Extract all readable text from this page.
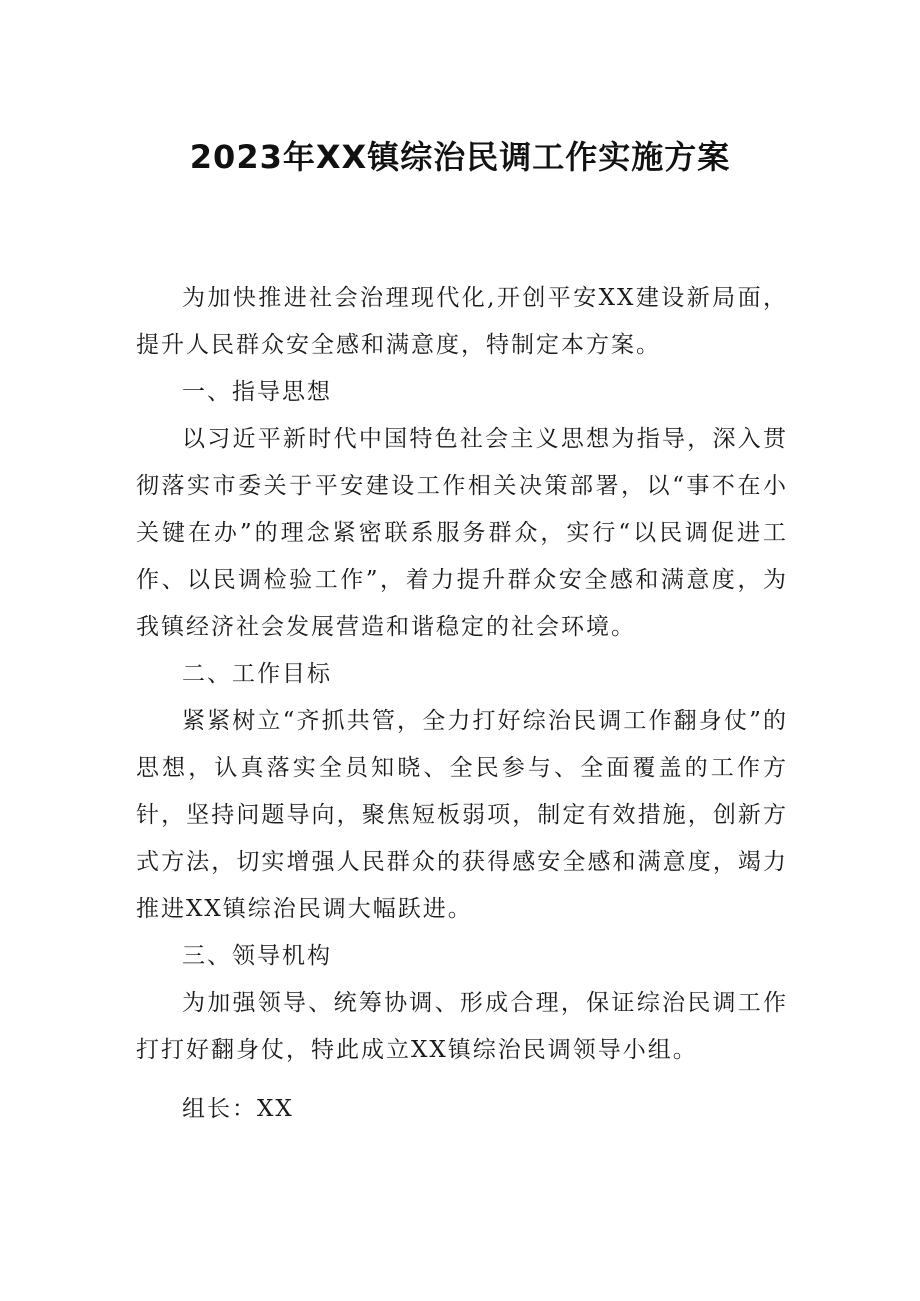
2023年XX镇综治民调工作实施方案

为加快推进社会治理现代化,开创平安XX建设新局面，提升人民群众安全感和满意度，特制定本方案。

一、指导思想

以习近平新时代中国特色社会主义思想为指导，深入贯彻落实市委关于平安建设工作相关决策部署，以“事不在小关键在办”的理念紧密联系服务群众，实行“以民调促进工作、以民调检验工作”，着力提升群众安全感和满意度，为我镇经济社会发展营造和谐稳定的社会环境。

二、工作目标

紧紧树立“齐抓共管，全力打好综治民调工作翻身仗”的思想，认真落实全员知晓、全民参与、全面覆盖的工作方针，坚持问题导向，聚焦短板弱项，制定有效措施，创新方式方法，切实增强人民群众的获得感安全感和满意度，竭力推进XX镇综治民调大幅跃进。

三、领导机构

为加强领导、统筹协调、形成合理，保证综治民调工作打打好翻身仗，特此成立XX镇综治民调领导小组。

组长：XX
